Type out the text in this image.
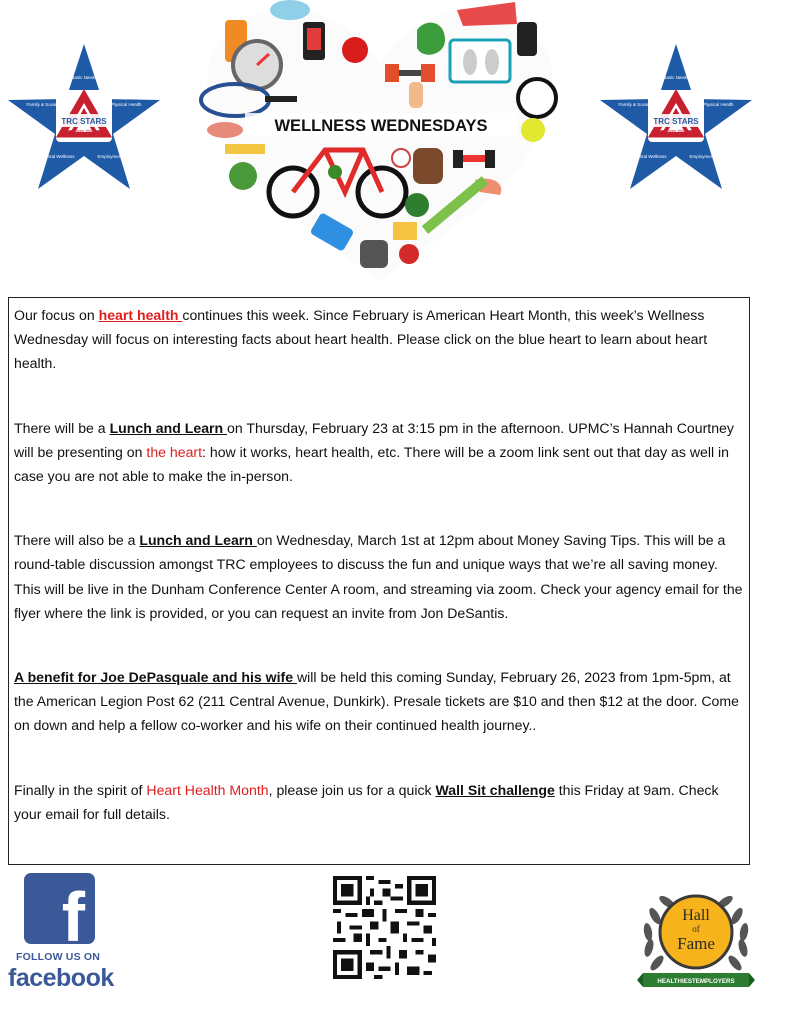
TRC STARS
Employee Wellness
Basic Needs
Physical Health
Employment
Mental Wellness
Family & Social
TRC STARS
Employee Wellness
Basic Needs
Physical Health
Employment
Mental Wellness
Family & Social
WELLNESS WEDNESDAYS

Our focus on heart health continues this week. Since February is American Heart Month, this week’s Wellness Wednesday will focus on interesting facts about heart health. Please click on the blue heart to learn about heart health.

There will be a Lunch and Learn on Thursday, February 23 at 3:15 pm in the afternoon. UPMC’s Hannah Courtney will be presenting on the heart: how it works, heart health, etc. There will be a zoom link sent out that day as well in case you are not able to make the in-person.

There will also be a Lunch and Learn on Wednesday, March 1st at 12pm about Money Saving Tips. This will be a round-table discussion amongst TRC employees to discuss the fun and unique ways that we’re all saving money. This will be live in the Dunham Conference Center A room, and streaming via zoom. Check your agency email for the flyer where the link is provided, or you can request an invite from Jon DeSantis.

A benefit for Joe DePasquale and his wife will be held this coming Sunday, February 26, 2023 from 1pm-5pm, at the American Legion Post 62 (211 Central Avenue, Dunkirk). Presale tickets are $10 and then $12 at the door. Come on down and help a fellow co-worker and his wife on their continued health journey..

Finally in the spirit of Heart Health Month, please join us for a quick Wall Sit challenge this Friday at 9am. Check your email for full details.

f
FOLLOW US ON
facebook
Hall
of
Fame
HEALTHIESTEMPLOYERS
